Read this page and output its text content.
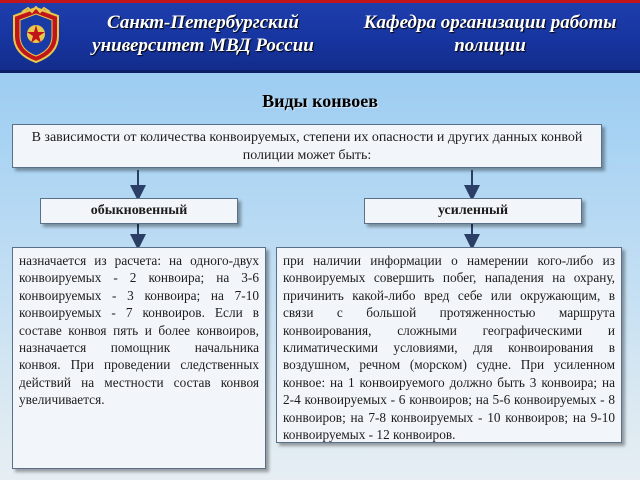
Санкт-Петербургский
университет МВД России
Кафедра организации работы
полиции
Виды конвоев
В зависимости от количества конвоируемых, степени их опасности и других данных конвой полиции может быть:
обыкновенный	усиленный
назначается из расчета: на одного-двух конвоируемых - 2 конвоира; на 3-6 конвоируемых - 3 конвоира; на 7-10 конвоируемых - 7 конвоиров. Если в составе конвоя пять и более конвоиров, назначается помощник начальника конвоя. При проведении следственных действий на местности состав конвоя увеличивается.
при наличии информации о намерении кого-либо из конвоируемых совершить побег, нападения на охрану, причинить какой-либо вред себе или окружающим, в связи с большой протяженностью маршрута конвоирования, сложными географическими и климатическими условиями, для конвоирования в воздушном, речном (морском) судне. При усиленном конвое: на 1 конвоируемого должно быть 3 конвоира; на 2-4 конвоируемых - 6 конвоиров; на 5-6 конвоируемых - 8 конвоиров; на 7-8 конвоируемых - 10 конвоиров; на 9-10 конвоируемых - 12 конвоиров.
